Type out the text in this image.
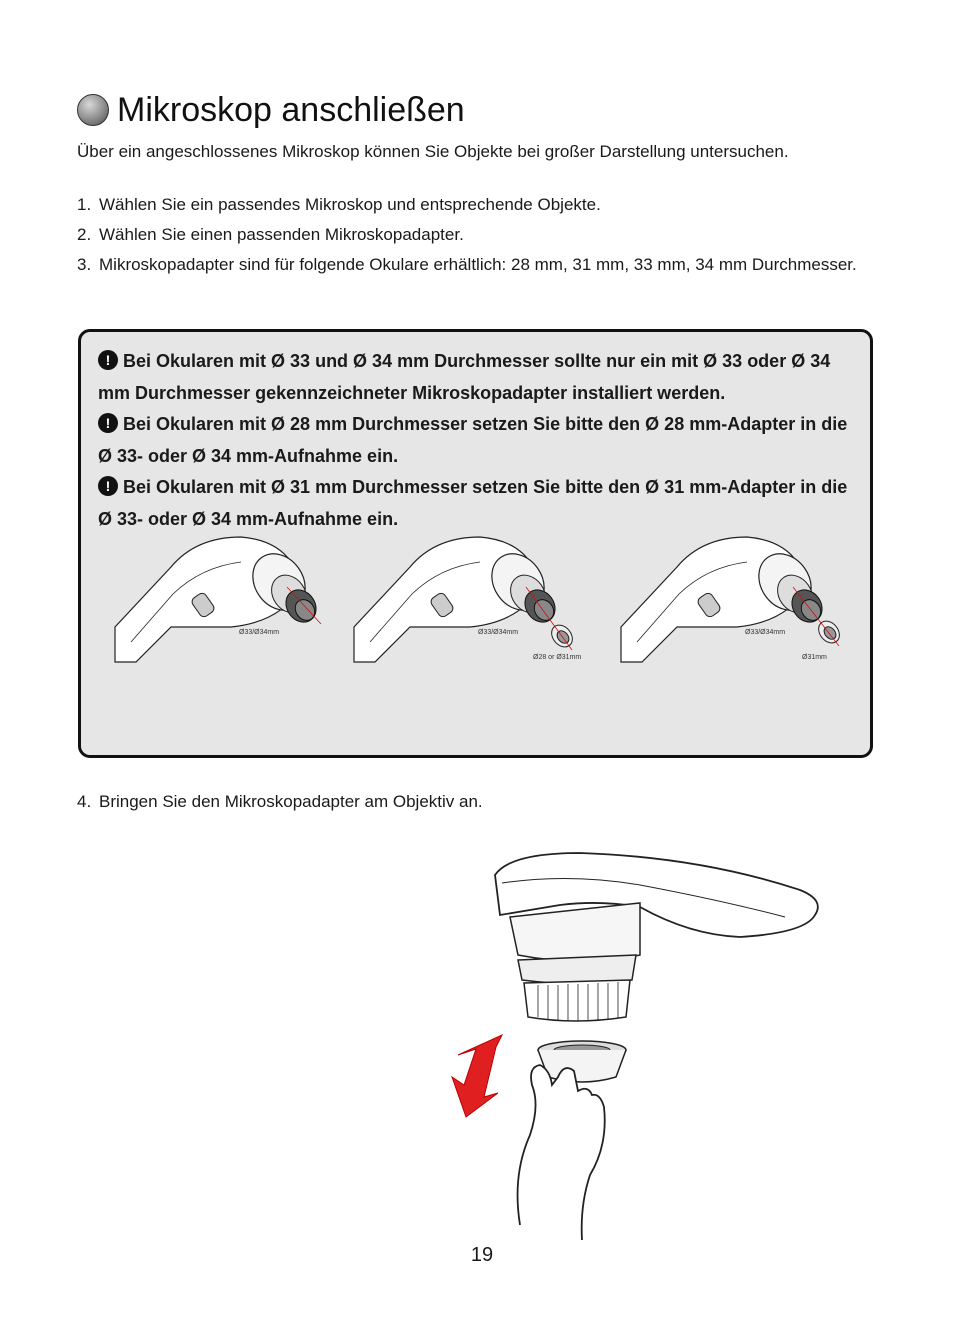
Mikroskop anschließen

Über ein angeschlossenes Mikroskop können Sie Objekte bei großer Darstellung untersuchen.

1. Wählen Sie ein passendes Mikroskop und entsprechende Objekte.
2. Wählen Sie einen passenden Mikroskopadapter.
3. Mikroskopadapter sind für folgende Okulare erhältlich: 28 mm, 31 mm, 33 mm, 34 mm Durchmesser.
! Bei Okularen mit Ø 33 und Ø 34 mm Durchmesser sollte nur ein mit Ø 33 oder Ø 34 mm Durchmesser gekennzeichneter Mikroskopadapter installiert werden.
! Bei Okularen mit Ø 28 mm Durchmesser setzen Sie bitte den Ø 28 mm-Adapter in die Ø 33- oder Ø 34 mm-Aufnahme ein.
! Bei Okularen mit Ø 31 mm Durchmesser setzen Sie bitte den Ø 31 mm-Adapter in die Ø 33- oder Ø 34 mm-Aufnahme ein.
Ø33/Ø34mm	Ø33/Ø34mm
Ø28 or Ø31mm
Ø33/Ø34mm
Ø31mm
4. Bringen Sie den Mikroskopadapter am Objektiv an.
19
